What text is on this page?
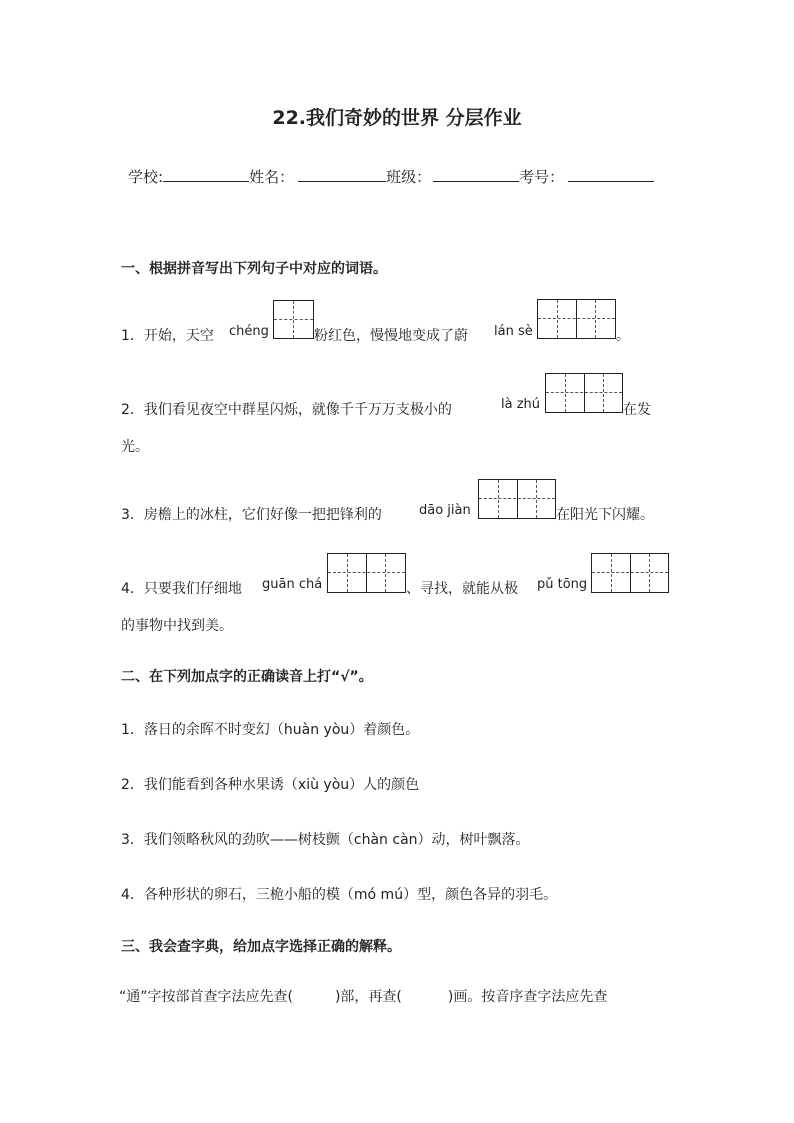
22.我们奇妙的世界 分层作业
学校:	姓名：	班级：	考号：
一、根据拼音写出下列句子中对应的词语。
1．开始，天空 chéng	粉红色，慢慢地变成了蔚 lán sè	。
2．我们看见夜空中群星闪烁，就像千千万万支极小的	là zhú	在发
光。
3．房檐上的冰柱，它们好像一把把锋利的	dāo jiàn	在阳光下闪耀。
4．只要我们仔细地 guān chá	、寻找，就能从极 pǔ tōng
的事物中找到美。
二、在下列加点字的正确读音上打“√”。
1．落日的余晖不时变幻（huàn yòu）着颜色。
2．我们能看到各种水果诱（xiù yòu）人的颜色
3．我们领略秋风的劲吹——树枝颤（chàn càn）动，树叶飘落。
4．各种形状的卵石，三桅小船的模（mó mú）型，颜色各异的羽毛。
三、我会查字典，给加点字选择正确的解释。
“通”字按部首查字法应先查(	)部，再查(	)画。按音序查字法应先查
